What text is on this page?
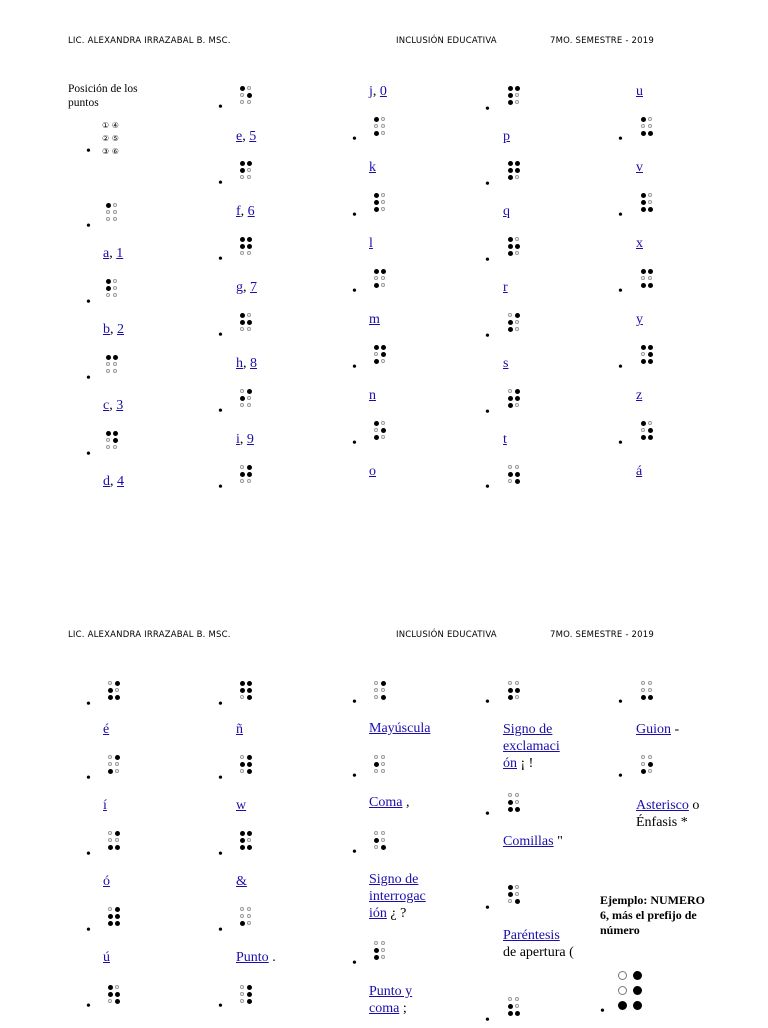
LIC. ALEXANDRA IRRAZABAL B. MSC.	INCLUSIÓN EDUCATIVA	7MO. SEMESTRE - 2019
Posición de los puntos
•
① ④
② ⑤
③ ⑥
LIC. ALEXANDRA IRRAZABAL B. MSC.	INCLUSIÓN EDUCATIVA	7MO. SEMESTRE - 2019
Ejemplo: NUMERO 6, más el prefijo de número
•
a, 1
•
b, 2
•
c, 3
•
d, 4
•
e, 5
f, 6
g, 7
h, 8
i, 9
•
•
•
•
•
j, 0
•
k
•
l
•
m
•
n
•
o
•
p
•
q
•
r
•
s
•
t
•
u
•
v
•
x
•
y
•
z
•
á
•
é
•
í
•
ó
•
ú
•
•
ñ
•
w
•
&
•
Punto .
•
•
Mayúscula
•
Coma ,
•
Signo de interrogac ión ¿ ?
•
Punto y coma ;
•
Signo de exclamaci ón ¡ !
•
Comillas "
•
Paréntesis de apertura (
•
•
Guion -
•
Asterisco o Énfasis *
•
